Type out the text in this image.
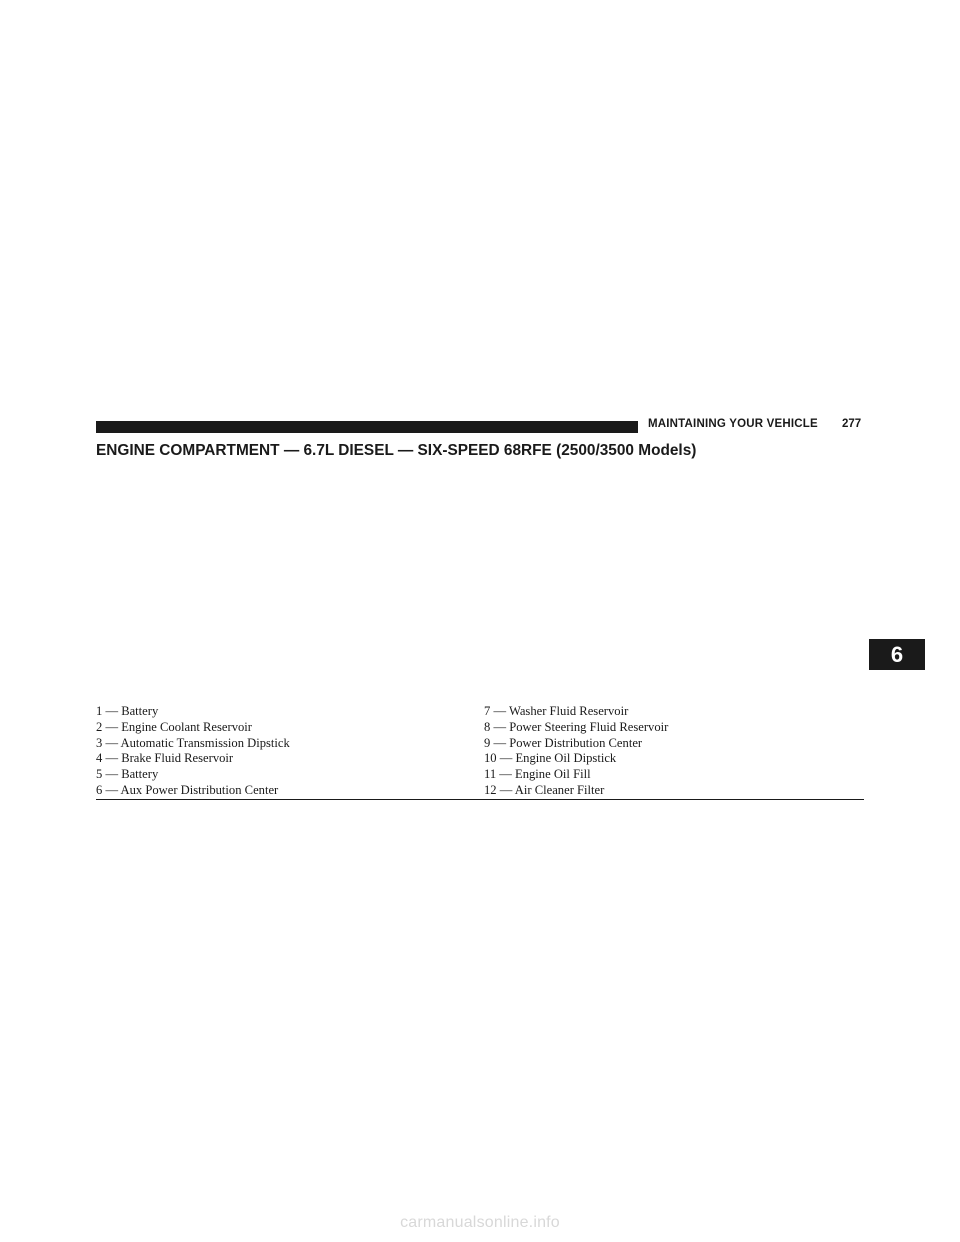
MAINTAINING YOUR VEHICLE 277
ENGINE COMPARTMENT — 6.7L DIESEL — SIX-SPEED 68RFE (2500/3500 Models)
6
1 — Battery
2 — Engine Coolant Reservoir
3 — Automatic Transmission Dipstick
4 — Brake Fluid Reservoir
5 — Battery
6 — Aux Power Distribution Center
7 — Washer Fluid Reservoir
8 — Power Steering Fluid Reservoir
9 — Power Distribution Center
10 — Engine Oil Dipstick
11 — Engine Oil Fill
12 — Air Cleaner Filter
carmanualsonline.info
